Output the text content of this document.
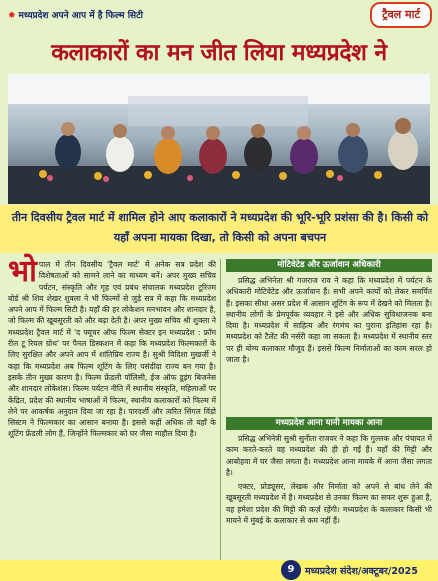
✸ मध्यप्रदेश अपने आप में है फिल्म सिटी	ट्रैवल मार्ट
कलाकारों का मन जीत लिया मध्यप्रदेश ने
तीन दिवसीय ट्रैवल मार्ट में शामिल होने आए कलाकारों ने मध्यप्रदेश की भूरि-भूरि प्रशंसा की है। किसी को यहाँ अपना मायका दिखा, तो किसी को अपना बचपन
भोपाल में तीन दिवसीय 'ट्रैवल मार्ट' में अनेक सत्र प्रदेश की विशेषताओं को सामने लाने का माध्यम बनें। अपर मुख्य सचिव पर्यटन, संस्कृति और गृह एवं प्रबंध संचालक मध्यप्रदेश टूरिज्म बोर्ड श्री शिव शेखर शुक्ला ने भी फिल्मों से जुड़े सत्र में कहा कि मध्यप्रदेश अपने आप में फिल्म सिटी है। यहाँ की हर लोकेशन मनभावन और शानदार है, जो फिल्म की खूबसूरती को और बढ़ा देती है। अपर मुख्य सचिव श्री शुक्ला ने मध्यप्रदेश ट्रैवल मार्ट में 'द फ्यूचर ऑफ फिल्म सेक्टर इन मध्यप्रदेश : फ्रॉम रील टू रियल ग्रोथ' पर पैनल डिस्कशन में कहा कि मध्यप्रदेश फिल्मकारों के लिए सुरक्षित और अपने आप में शांतिप्रिय राज्य है। सुश्री विदिशा मुखर्जी ने कहा कि मध्यप्रदेश अब फिल्म शूटिंग के लिए पसंदीदा राज्य बन गया है। इसके तीन मुख्य कारण है। फिल्म फ्रेंडली पॉलिसी, ईज ऑफ डूइंग बिजनेस और शानदार लोकेशंस। फिल्म पर्यटन नीति में स्थानीय संस्कृति, महिलाओं पर केंद्रित, प्रदेश की स्थानीय भाषाओं में फिल्म, स्थानीय कलाकारों को फिल्म में लेने पर आकर्षक अनुदान दिया जा रहा है। पारदर्शी और त्वरित सिंगल विंडो सिस्टम ने फिल्मकार का आसान बनाया है। इससे कहीं अधिक तो यहाँ के शूटिंग फ्रेंडली लोग हैं, जिन्होंने फिल्मकार को घर जैसा माहौल दिया है।
मोटिवेटेड और ऊर्जावान अधिकारी

प्रसिद्ध अभिनेता श्री गजराज राव ने कहा कि मध्यप्रदेश में पर्यटन के अधिकारी मोटिवेटेड और ऊर्जावान हैं। सभी अपने कार्यों को लेकर समर्पित हैं। इसका सीधा असर प्रदेश में आसान शूटिंग के रूप में देखने को मिलता है। स्थानीय लोगों के प्रेमपूर्वक व्यवहार ने इसे और अधिक सुविधाजनक बना दिया है। मध्यप्रदेश में साहित्य और रंगमंच का पुराना इतिहास रहा है। मध्यप्रदेश को टैलेंट की नर्सरी कहा जा सकता है। मध्यप्रदेश में स्थानीय स्तर पर ही योग्य कलाकार मौजूद हैं। इससे फिल्म निर्माताओं का काम सरल हो जाता है।

मध्यप्रदेश आना यानी मायका आना

प्रसिद्ध अभिनेत्री सुश्री सुनीता राजवर ने कहा कि गुल्लक और पंचायत में काम करते-करते वह मध्यप्रदेश की ही हो गईं हैं। यहाँ की मिट्टी और आबोहवा में घर जैसा लगता है। मध्यप्रदेश आना मायके में आना जैसा लगता है।

एक्टर, प्रोड्यूसर, लेखक और निर्माता को अपने से बांध लेने की खूबसूरती मध्यप्रदेश में है। मध्यप्रदेश से उनका फिल्म का सफर शुरू हुआ है, वह हमेशा प्रदेश की मिट्टी की कर्ज़ रहेंगी। मध्यप्रदेश के कलाकार किसी भी मायने में मुंबई के कलाकार से कम नहीं हैं।

9	मध्यप्रदेश संदेश/अक्टूबर/2025
